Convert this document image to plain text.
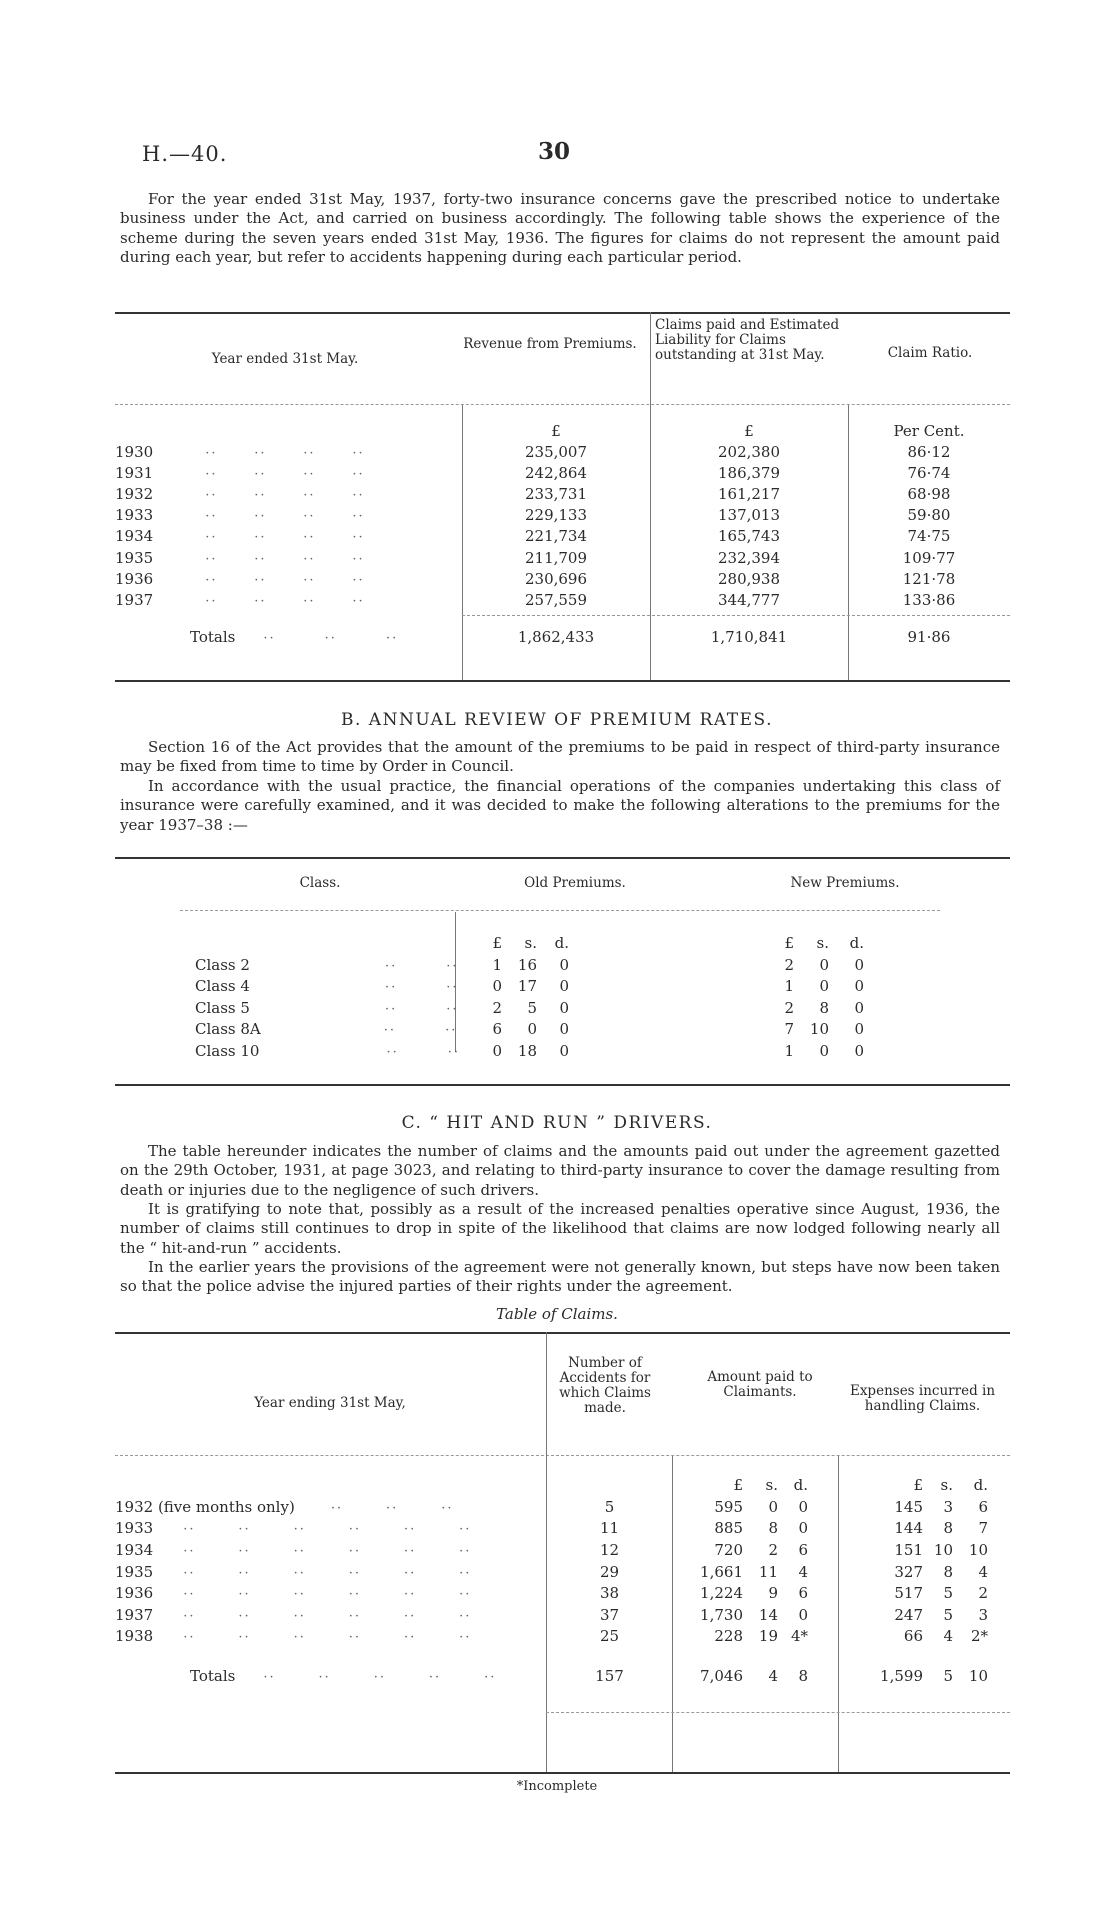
H.—40.	30

For the year ended 31st May, 1937, forty-two insurance concerns gave the prescribed notice to undertake business under the Act, and carried on business accordingly. The following table shows the experience of the scheme during the seven years ended 31st May, 1936. The figures for claims do not represent the amount paid during each year, but refer to accidents happening during each particular period.

Year ended 31st May.
Revenue from Premiums.
Claims paid and Estimated Liability for Claims outstanding at 31st May.	Claim Ratio.
	£	£	Per Cent.
1930 ··      ··      ··      ··	235,007	202,380	86·12
1931 ··      ··      ··      ··	242,864	186,379	76·74
1932 ··      ··      ··      ··	233,731	161,217	68·98
1933 ··      ··      ··      ··	229,133	137,013	59·80
1934 ··      ··      ··      ··	221,734	165,743	74·75
1935 ··      ··      ··      ··	211,709	232,394	109·77
1936 ··      ··      ··      ··	230,696	280,938	121·78
1937 ··      ··      ··      ··	257,559	344,777	133·86

Totals ··        ··        ··	1,862,433	1,710,841	91·86
B. ANNUAL REVIEW OF PREMIUM RATES.

Section 16 of the Act provides that the amount of the premiums to be paid in respect of third-party insurance may be fixed from time to time by Order in Council.

In accordance with the usual practice, the financial operations of the companies undertaking this class of insurance were carefully examined, and it was decided to make the following alterations to the premiums for the year 1937–38 :—

Class.	Old Premiums.	New Premiums.
	£	s.	d.		£	s.	d.
Class 2 ··        ··	1	16	0		2	0	0
Class 4 ··        ··	0	17	0		1	0	0
Class 5 ··        ··	2	5	0		2	8	0
Class 8A ··        ··	6	0	0		7	10	0
Class 10 ··        ··	0	18	0		1	0	0
C. “ HIT AND RUN ” DRIVERS.

The table hereunder indicates the number of claims and the amounts paid out under the agreement gazetted on the 29th October, 1931, at page 3023, and relating to third-party insurance to cover the damage resulting from death or injuries due to the negligence of such drivers.

It is gratifying to note that, possibly as a result of the increased penalties operative since August, 1936, the number of claims still continues to drop in spite of the likelihood that claims are now lodged following nearly all the “ hit-and-run ” accidents.

In the earlier years the provisions of the agreement were not generally known, but steps have now been taken so that the police advise the injured parties of their rights under the agreement.

Table of Claims.
Year ending 31st May,
Number of Accidents for which Claims made.
Amount paid to Claimants.	Expenses incurred in handling Claims.
		£	s.	d.		£	s.	d.
1932 (five months only) ··       ··       ··	5	595	0	0		145	3	6
1933 ··       ··       ··       ··       ··       ··	11	885	8	0		144	8	7
1934 ··       ··       ··       ··       ··       ··	12	720	2	6		151	10	10
1935 ··       ··       ··       ··       ··       ··	29	1,661	11	4		327	8	4
1936 ··       ··       ··       ··       ··       ··	38	1,224	9	6		517	5	2
1937 ··       ··       ··       ··       ··       ··	37	1,730	14	0		247	5	3
1938 ··       ··       ··       ··       ··       ··	25	228	19	4*		66	4	2*

Totals ··       ··       ··       ··       ··	157	7,046	4	8		1,599	5	10
*Incomplete
